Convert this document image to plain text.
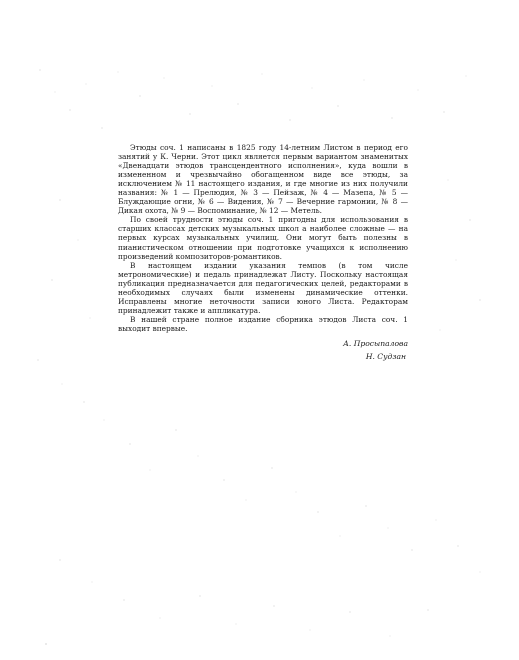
Этюды соч. 1 написаны в 1825 году 14-летним Листом в период его занятий у К. Черни. Этот цикл является первым вариантом знаменитых «Двенадцати этюдов трансцендентного исполнения», куда вошли в измененном и чрезвычайно обогащенном виде все этюды, за исключением № 11 настоящего издания, и где многие из них получили названия: № 1 — Прелюдия, № 3 — Пейзаж, № 4 — Мазепа, № 5 — Блуждающие огни, № 6 — Видения, № 7 — Вечерние гармонии, № 8 — Дикая охота, № 9 — Воспоминание, № 12 — Метель.

По своей трудности этюды соч. 1 пригодны для использования в старших классах детских музыкальных школ а наиболее сложные — на первых курсах музыкальных училищ. Они могут быть полезны в пианистическом отношении при подготовке учащихся к исполнению произведений композиторов-романтиков.

В настоящем издании указания темпов (в том числе метрономические) и педаль принадлежат Листу. Поскольку настоящая публикация предназначается для педагогических целей, редакторами в необходимых случаях были изменены динамические оттенки. Исправлены многие неточности записи юного Листа. Редакторам принадлежит также и аппликатура.

В нашей стране полное издание сборника этюдов Листа соч. 1 выходит впервые.

А. Просыпалова
Н. Судзан
